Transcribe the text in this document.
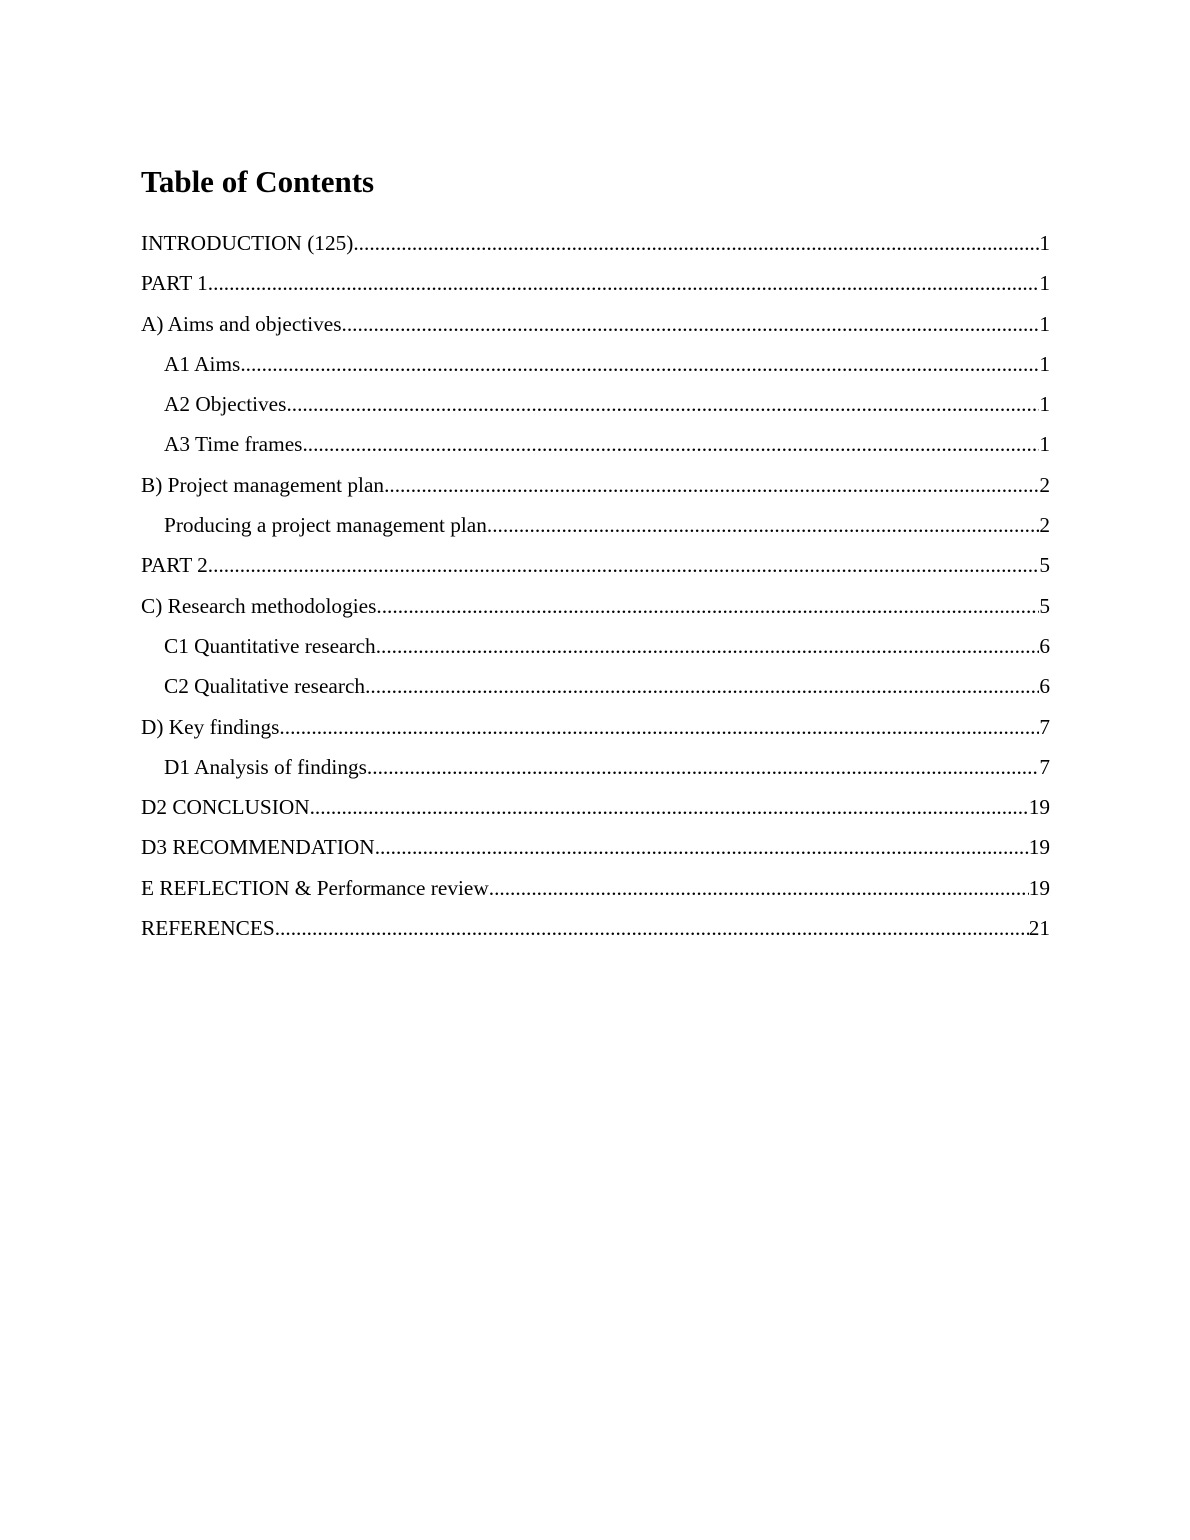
Table of Contents
INTRODUCTION (125) .....	1
PART 1 .....	1
A) Aims and objectives .....	1
A1 Aims .....	1
A2 Objectives .....	1
A3 Time frames .....	1
B) Project management plan .....	2
Producing a project management plan .....	2
PART 2 .....	5
C) Research methodologies .....	5
C1 Quantitative research .....	6
C2 Qualitative research .....	6
D) Key findings .....	7
D1 Analysis of findings .....	7
D2 CONCLUSION .....	19
D3 RECOMMENDATION .....	19
E REFLECTION & Performance review .....	19
REFERENCES .....	21
